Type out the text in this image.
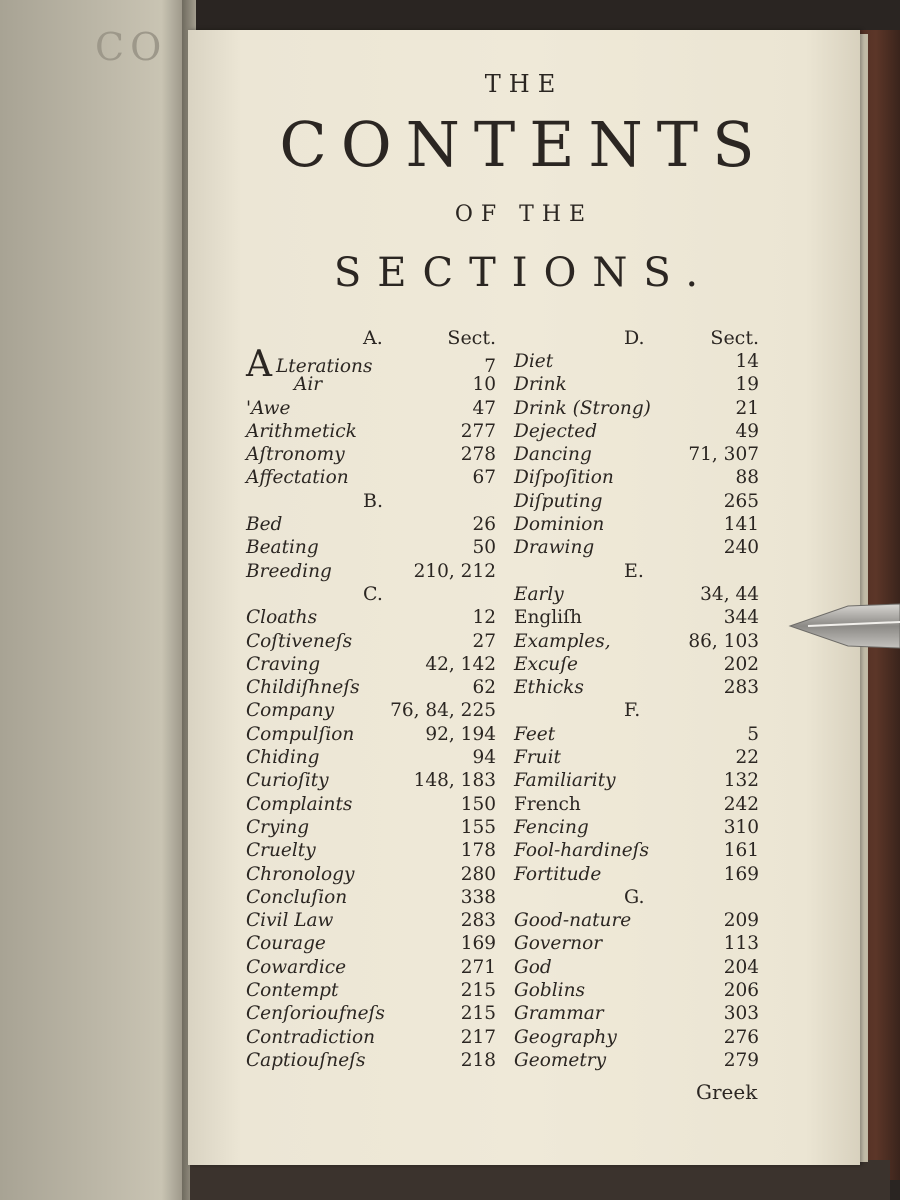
CO
THE
CONTENTS
OF THE
SECTIONS.
A.	Sect.
A Lterations	7
Air	10
'Awe	47
Arithmetick	277
Aſtronomy	278
Affectation	67
B.
Bed	26
Beating	50
Breeding	210, 212
C.
Cloaths	12
Coſtiveneſs	27
Craving	42, 142
Childiſhneſs	62
Company	76, 84, 225
Compulſion	92, 194
Chiding	94
Curioſity	148, 183
Complaints	150
Crying	155
Cruelty	178
Chronology	280
Concluſion	338
Civil Law	283
Courage	169
Cowardice	271
Contempt	215
Cenſorioufneſs	215
Contradiction	217
Captiouſneſs	218
D.	Sect.
Diet	14
Drink	19
Drink (Strong)	21
Dejected	49
Dancing	71, 307
Diſpoſition	88
Diſputing	265
Dominion	141
Drawing	240
E.
Early	34, 44
Engliſh	344
Examples,	86, 103
Excuſe	202
Ethicks	283
F.
Feet	5
Fruit	22
Familiarity	132
French	242
Fencing	310
Fool-hardineſs	161
Fortitude	169
G.
Good-nature	209
Governor	113
God	204
Goblins	206
Grammar	303
Geography	276
Geometry	279
Greek
